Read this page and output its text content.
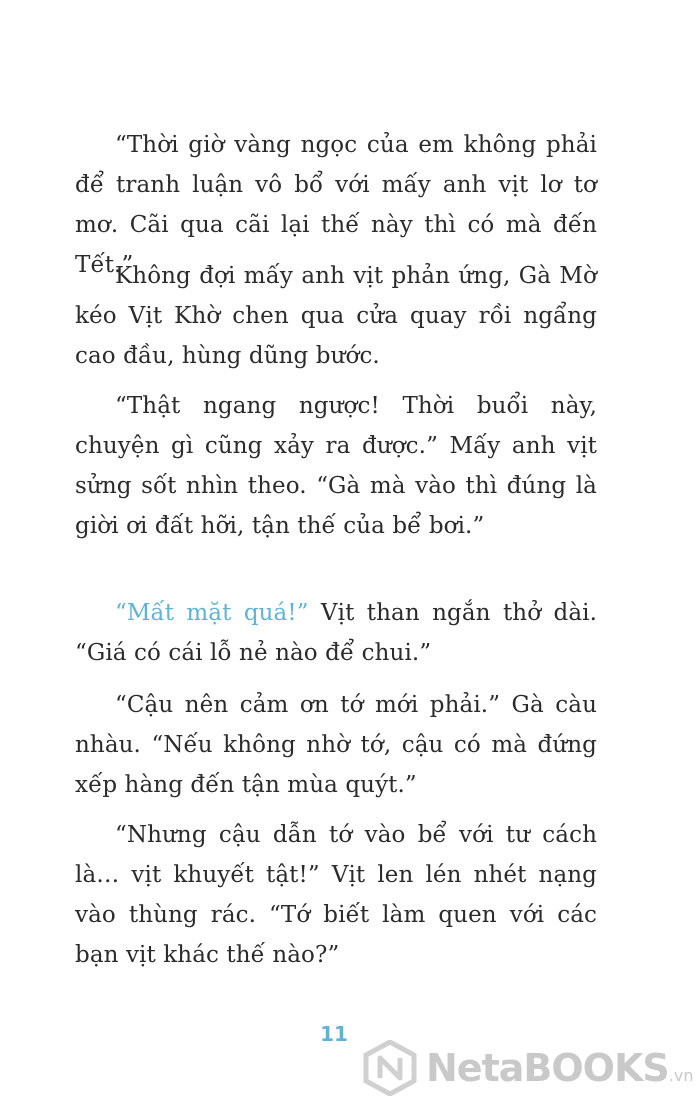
“Thời giờ vàng ngọc của em không phải để tranh luận vô bổ với mấy anh vịt lơ tơ mơ. Cãi qua cãi lại thế này thì có mà đến Tết.”

Không đợi mấy anh vịt phản ứng, Gà Mờ kéo Vịt Khờ chen qua cửa quay rồi ngẩng cao đầu, hùng dũng bước.

“Thật ngang ngược! Thời buổi này, chuyện gì cũng xảy ra được.” Mấy anh vịt sửng sốt nhìn theo. “Gà mà vào thì đúng là giời ơi đất hỡi, tận thế của bể bơi.”

“Mất mặt quá!” Vịt than ngắn thở dài. “Giá có cái lỗ nẻ nào để chui.”

“Cậu nên cảm ơn tớ mới phải.” Gà càu nhàu. “Nếu không nhờ tớ, cậu có mà đứng xếp hàng đến tận mùa quýt.”

“Nhưng cậu dẫn tớ vào bể với tư cách là… vịt khuyết tật!” Vịt len lén nhét nạng vào thùng rác. “Tớ biết làm quen với các bạn vịt khác thế nào?”

11
NetaBOOKS.vn
